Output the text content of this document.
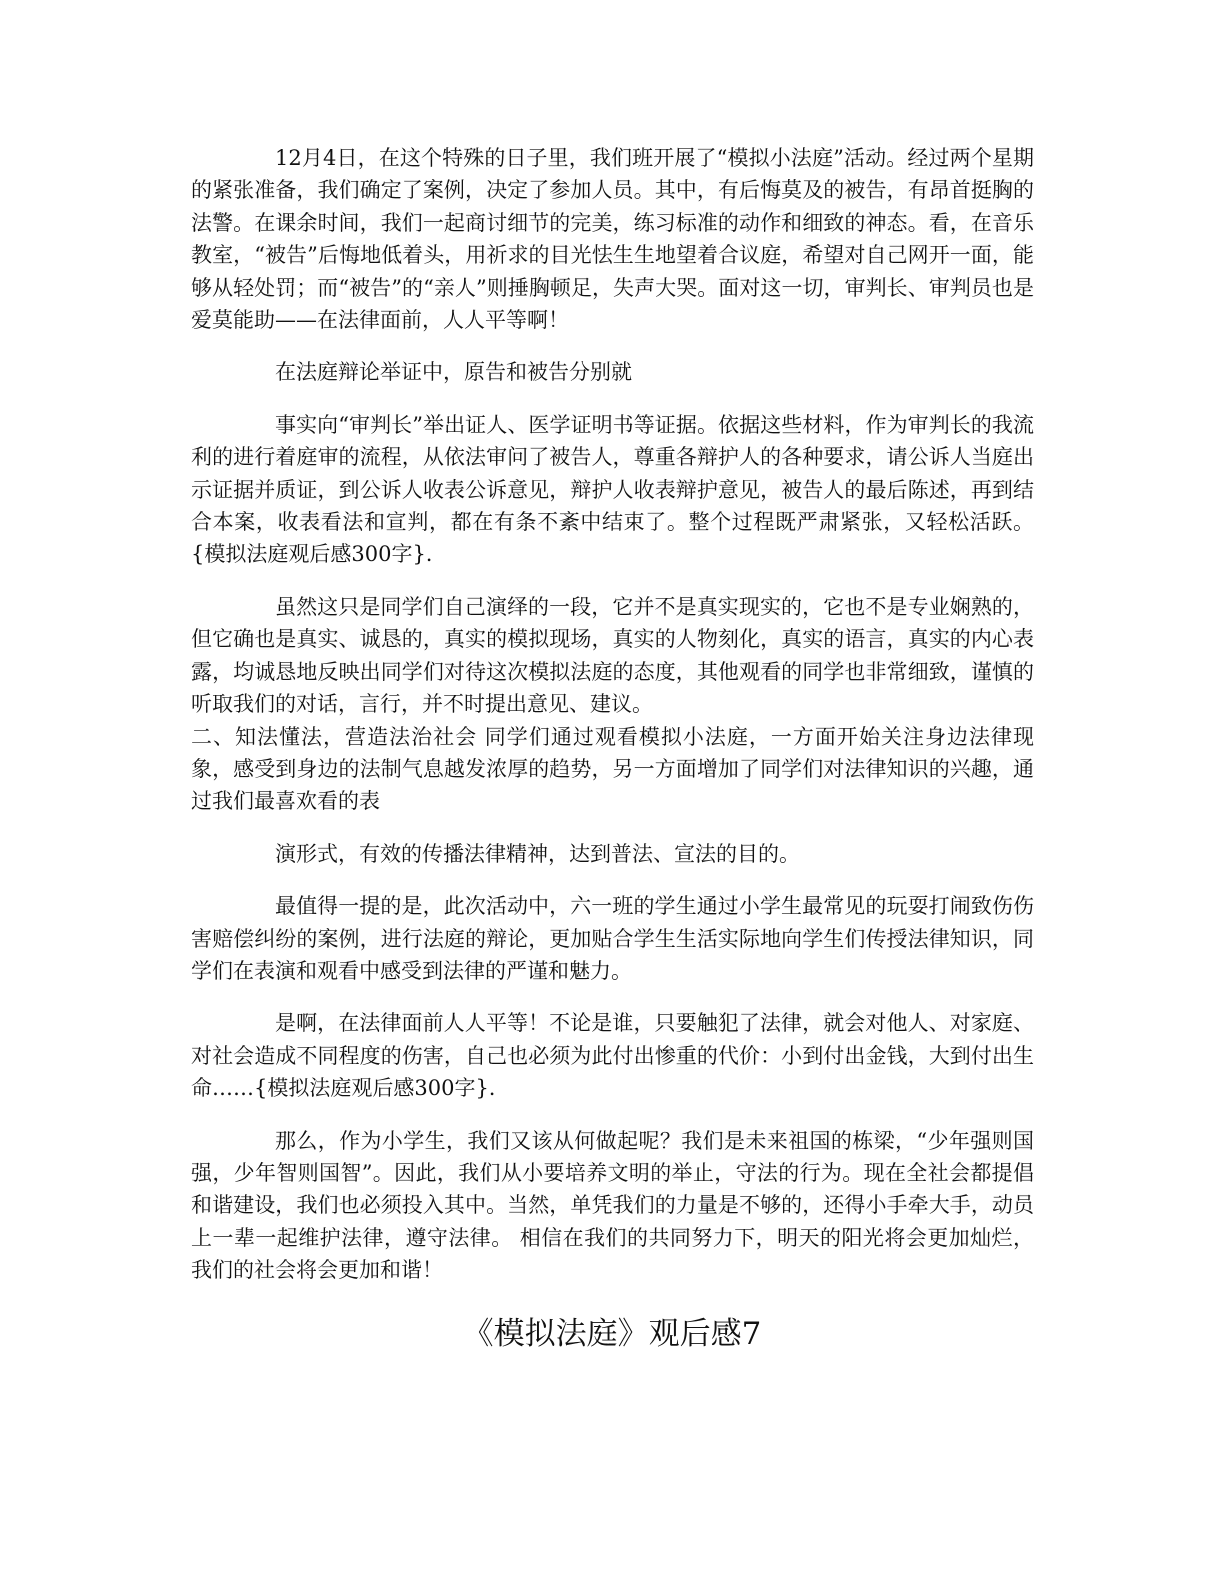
12月4日，在这个特殊的日子里，我们班开展了“模拟小法庭”活动。经过两个星期的紧张准备，我们确定了案例，决定了参加人员。其中，有后悔莫及的被告，有昂首挺胸的法警。在课余时间，我们一起商讨细节的完美，练习标准的动作和细致的神态。看，在音乐教室，“被告”后悔地低着头，用祈求的目光怯生生地望着合议庭，希望对自己网开一面，能够从轻处罚；而“被告”的“亲人”则捶胸顿足，失声大哭。面对这一切，审判长、审判员也是爱莫能助——在法律面前，人人平等啊！

在法庭辩论举证中，原告和被告分别就

事实向“审判长”举出证人、医学证明书等证据。依据这些材料，作为审判长的我流利的进行着庭审的流程，从依法审问了被告人，尊重各辩护人的各种要求，请公诉人当庭出示证据并质证，到公诉人收表公诉意见，辩护人收表辩护意见，被告人的最后陈述，再到结合本案，收表看法和宣判，都在有条不紊中结束了。整个过程既严肃紧张，又轻松活跃。{模拟法庭观后感300字}.

虽然这只是同学们自己演绎的一段，它并不是真实现实的，它也不是专业娴熟的，但它确也是真实、诚恳的，真实的模拟现场，真实的人物刻化，真实的语言，真实的内心表露，均诚恳地反映出同学们对待这次模拟法庭的态度，其他观看的同学也非常细致，谨慎的听取我们的对话，言行，并不时提出意见、建议。

二、知法懂法，营造法治社会 同学们通过观看模拟小法庭，一方面开始关注身边法律现象，感受到身边的法制气息越发浓厚的趋势，另一方面增加了同学们对法律知识的兴趣，通过我们最喜欢看的表

演形式，有效的传播法律精神，达到普法、宣法的目的。

最值得一提的是，此次活动中，六一班的学生通过小学生最常见的玩耍打闹致伤伤害赔偿纠纷的案例，进行法庭的辩论，更加贴合学生生活实际地向学生们传授法律知识，同学们在表演和观看中感受到法律的严谨和魅力。

是啊，在法律面前人人平等！不论是谁，只要触犯了法律，就会对他人、对家庭、对社会造成不同程度的伤害，自己也必须为此付出惨重的代价：小到付出金钱，大到付出生命……{模拟法庭观后感300字}.

那么，作为小学生，我们又该从何做起呢？我们是未来祖国的栋梁，“少年强则国强，少年智则国智”。因此，我们从小要培养文明的举止，守法的行为。现在全社会都提倡和谐建设，我们也必须投入其中。当然，单凭我们的力量是不够的，还得小手牵大手，动员上一辈一起维护法律，遵守法律。 相信在我们的共同努力下，明天的阳光将会更加灿烂，我们的社会将会更加和谐！

《模拟法庭》观后感7
